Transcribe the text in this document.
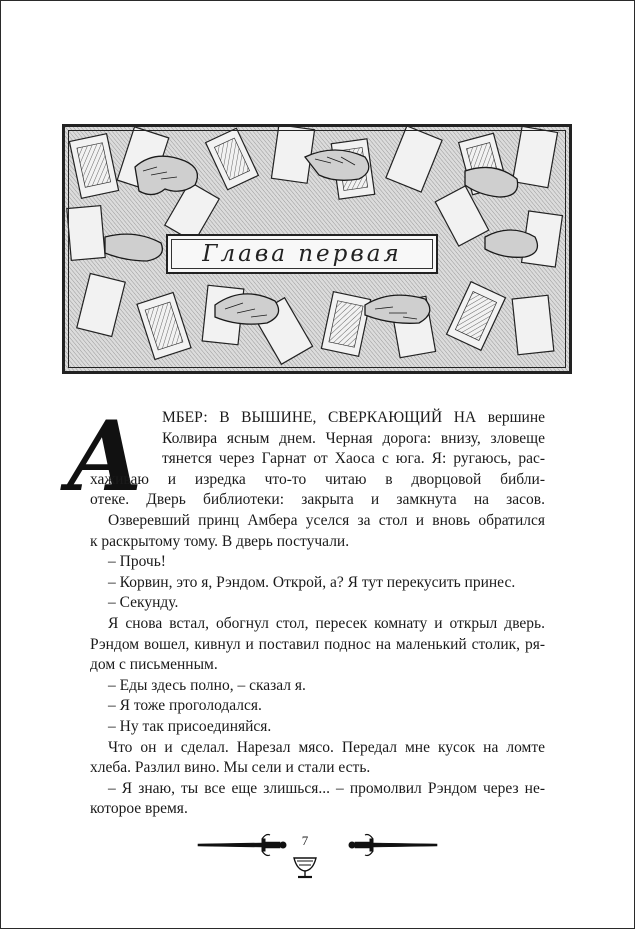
Глава первая
А МБЕР: В ВЫШИНЕ, СВЕРКАЮЩИЙ НА вершине
Колвира ясным днем. Черная дорога: внизу, зловеще
тянется через Гарнат от Хаоса с юга. Я: ругаюсь, рас-
хаживаю и изредка что-то читаю в дворцовой библи-
отеке. Дверь библиотеки: закрыта и замкнута на засов.
Озверевший принц Амбера уселся за стол и вновь обратился
к раскрытому тому. В дверь постучали.
– Прочь!
– Корвин, это я, Рэндом. Открой, а? Я тут перекусить принес.
– Секунду.
Я снова встал, обогнул стол, пересек комнату и открыл дверь.
Рэндом вошел, кивнул и поставил поднос на маленький столик, ря-
дом с письменным.
– Еды здесь полно, – сказал я.
– Я тоже проголодался.
– Ну так присоединяйся.
Что он и сделал. Нарезал мясо. Передал мне кусок на ломте
хлеба. Разлил вино. Мы сели и стали есть.
– Я знаю, ты все еще злишься... – промолвил Рэндом через не-
которое время.
7
